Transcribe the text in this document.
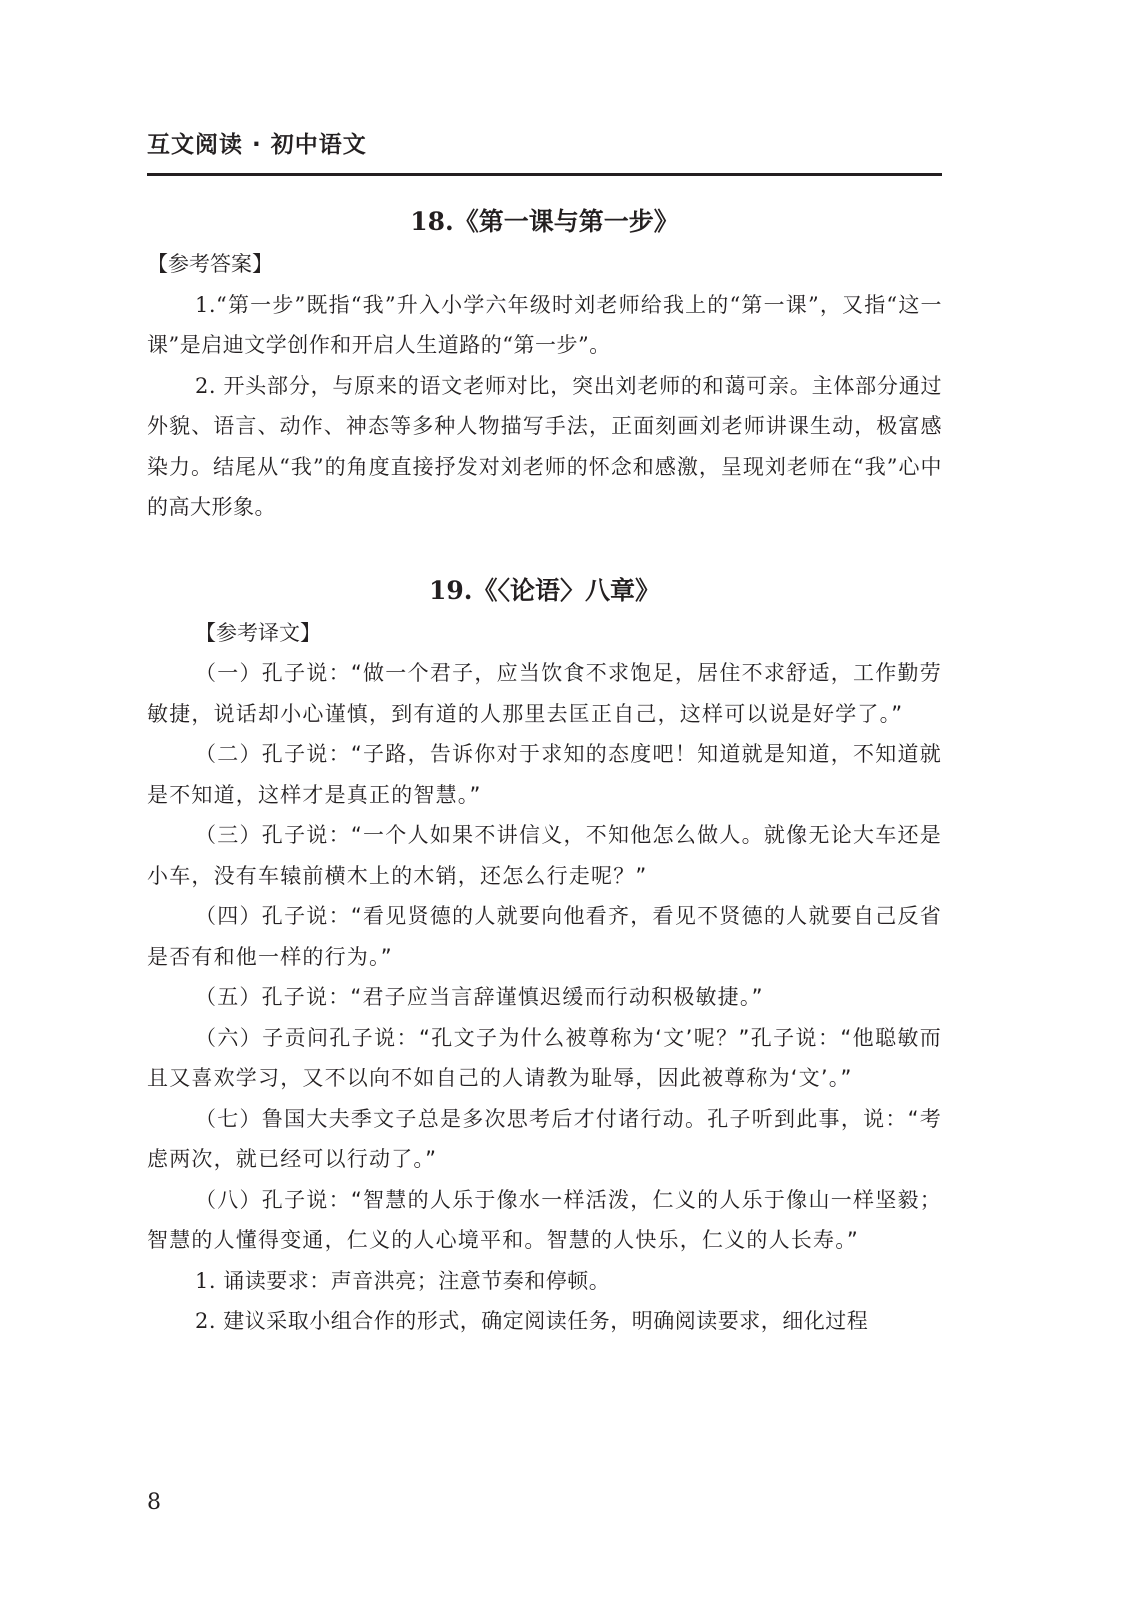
互文阅读 · 初中语文
18.《第一课与第一步》
【参考答案】

1.“第一步”既指“我”升入小学六年级时刘老师给我上的“第一课”，又指“这一课”是启迪文学创作和开启人生道路的“第一步”。

2. 开头部分，与原来的语文老师对比，突出刘老师的和蔼可亲。主体部分通过外貌、语言、动作、神态等多种人物描写手法，正面刻画刘老师讲课生动，极富感染力。结尾从“我”的角度直接抒发对刘老师的怀念和感激，呈现刘老师在“我”心中的高大形象。

19.《〈论语〉八章》
【参考译文】

（一）孔子说：“做一个君子，应当饮食不求饱足，居住不求舒适，工作勤劳敏捷，说话却小心谨慎，到有道的人那里去匡正自己，这样可以说是好学了。”

（二）孔子说：“子路，告诉你对于求知的态度吧！知道就是知道，不知道就是不知道，这样才是真正的智慧。”

（三）孔子说：“一个人如果不讲信义，不知他怎么做人。就像无论大车还是小车，没有车辕前横木上的木销，还怎么行走呢？”

（四）孔子说：“看见贤德的人就要向他看齐，看见不贤德的人就要自己反省是否有和他一样的行为。”

（五）孔子说：“君子应当言辞谨慎迟缓而行动积极敏捷。”

（六）子贡问孔子说：“孔文子为什么被尊称为‘文’呢？”孔子说：“他聪敏而且又喜欢学习，又不以向不如自己的人请教为耻辱，因此被尊称为‘文’。”

（七）鲁国大夫季文子总是多次思考后才付诸行动。孔子听到此事，说：“考虑两次，就已经可以行动了。”

（八）孔子说：“智慧的人乐于像水一样活泼，仁义的人乐于像山一样坚毅；智慧的人懂得变通，仁义的人心境平和。智慧的人快乐，仁义的人长寿。”

1. 诵读要求：声音洪亮；注意节奏和停顿。

2. 建议采取小组合作的形式，确定阅读任务，明确阅读要求，细化过程

8
